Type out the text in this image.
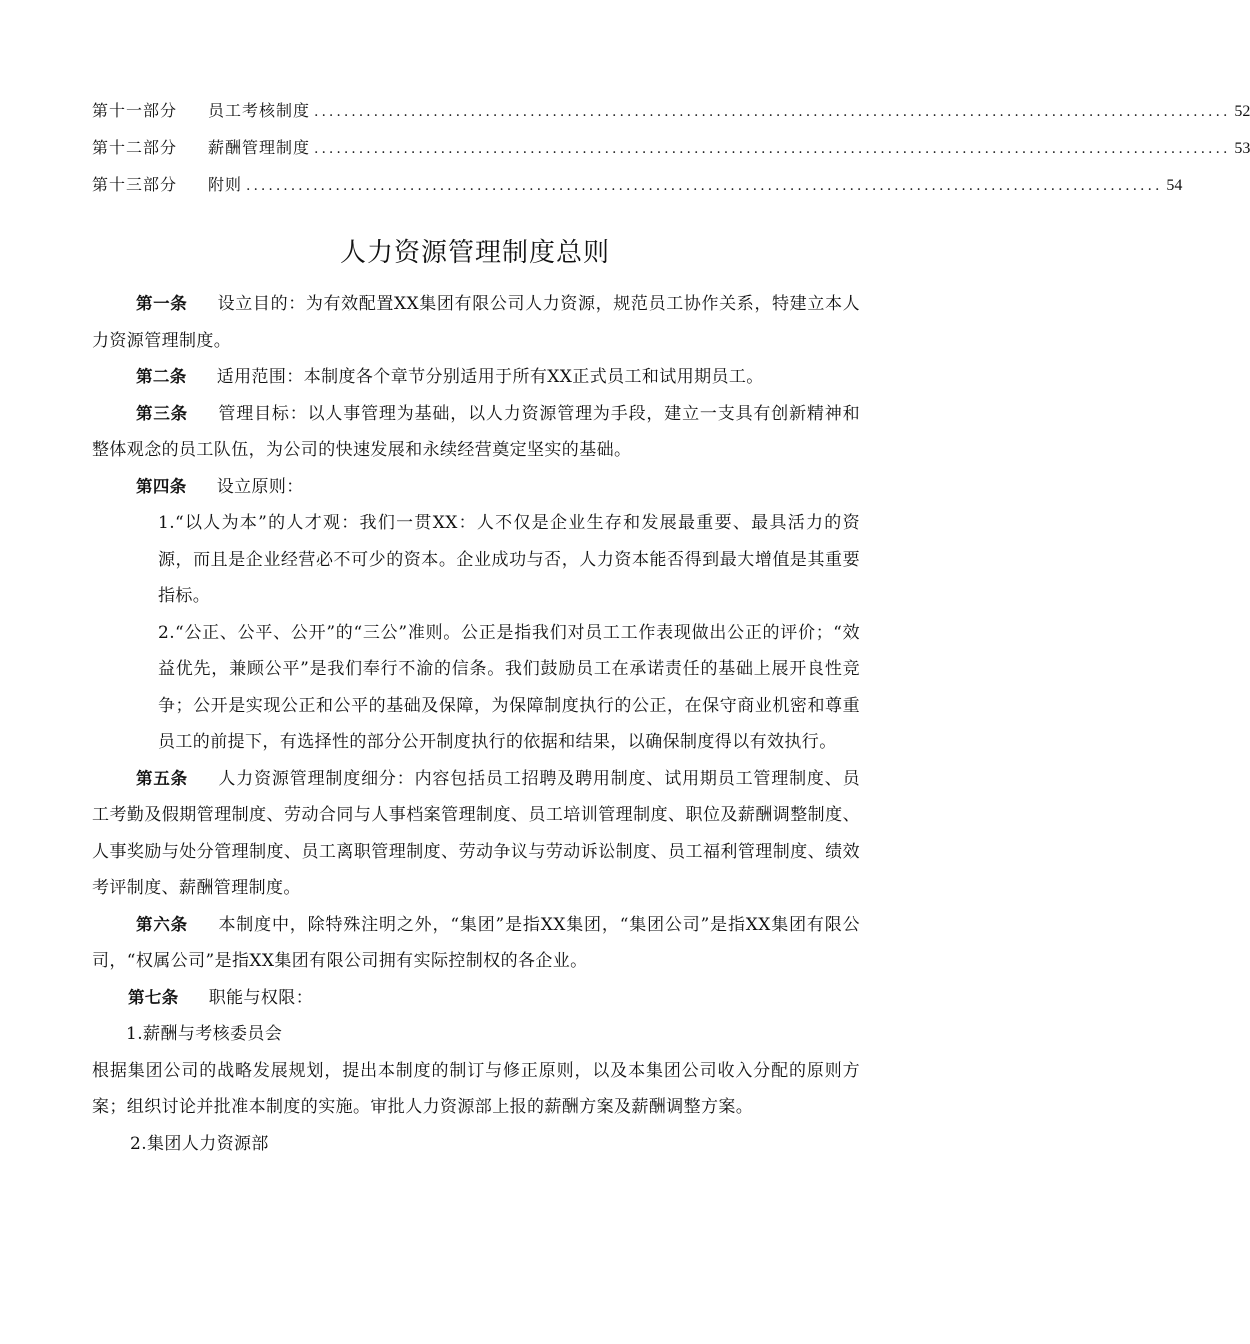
第十一部分	员工考核制度 ........................................................................................................................... 52
第十二部分	薪酬管理制度 ........................................................................................................................... 53
第十三部分	附则 ........................................................................................................................... 54
人力资源管理制度总则

第一条 设立目的：为有效配置XX集团有限公司人力资源，规范员工协作关系，特建立本人力资源管理制度。

第二条 适用范围：本制度各个章节分别适用于所有XX正式员工和试用期员工。

第三条 管理目标：以人事管理为基础，以人力资源管理为手段，建立一支具有创新精神和整体观念的员工队伍，为公司的快速发展和永续经营奠定坚实的基础。

第四条 设立原则：

1.“以人为本”的人才观：我们一贯XX：人不仅是企业生存和发展最重要、最具活力的资源，而且是企业经营必不可少的资本。企业成功与否，人力资本能否得到最大增值是其重要指标。

2.“公正、公平、公开”的“三公”准则。公正是指我们对员工工作表现做出公正的评价；“效益优先，兼顾公平”是我们奉行不渝的信条。我们鼓励员工在承诺责任的基础上展开良性竞争；公开是实现公正和公平的基础及保障，为保障制度执行的公正，在保守商业机密和尊重员工的前提下，有选择性的部分公开制度执行的依据和结果，以确保制度得以有效执行。

第五条 人力资源管理制度细分：内容包括员工招聘及聘用制度、试用期员工管理制度、员工考勤及假期管理制度、劳动合同与人事档案管理制度、员工培训管理制度、职位及薪酬调整制度、人事奖励与处分管理制度、员工离职管理制度、劳动争议与劳动诉讼制度、员工福利管理制度、绩效考评制度、薪酬管理制度。

第六条 本制度中，除特殊注明之外，“集团”是指XX集团，“集团公司”是指XX集团有限公司，“权属公司”是指XX集团有限公司拥有实际控制权的各企业。

第七条 职能与权限：

1.薪酬与考核委员会

根据集团公司的战略发展规划，提出本制度的制订与修正原则，以及本集团公司收入分配的原则方案；组织讨论并批准本制度的实施。审批人力资源部上报的薪酬方案及薪酬调整方案。

2.集团人力资源部
